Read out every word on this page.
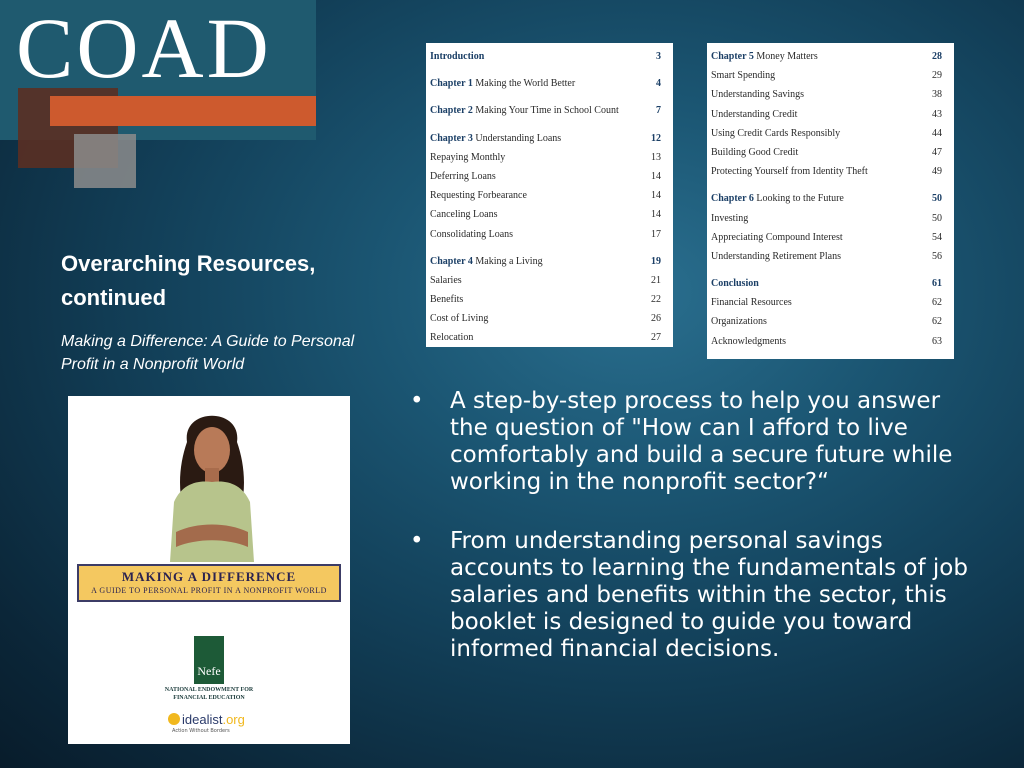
COAD
Overarching Resources, continued
Making a Difference: A Guide to Personal Profit in a Nonprofit World
MAKING A DIFFERENCE
A GUIDE TO PERSONAL PROFIT IN A NONPROFIT WORLD
Nefe
NATIONAL ENDOWMENT FOR FINANCIAL EDUCATION
idealist.org
Action Without Borders
Introduction	3
Chapter 1 Making the World Better	4
Chapter 2 Making Your Time in School Count	7
Chapter 3 Understanding Loans	12
Repaying Monthly	13
Deferring Loans	14
Requesting Forbearance	14
Canceling Loans	14
Consolidating Loans	17
Chapter 4 Making a Living	19
Salaries	21
Benefits	22
Cost of Living	26
Relocation	27
Chapter 5 Money Matters	28
Smart Spending	29
Understanding Savings	38
Understanding Credit	43
Using Credit Cards Responsibly	44
Building Good Credit	47
Protecting Yourself from Identity Theft	49
Chapter 6 Looking to the Future	50
Investing	50
Appreciating Compound Interest	54
Understanding Retirement Plans	56
Conclusion	61
Financial Resources	62
Organizations	62
Acknowledgments	63
• A step-by-step process to help you answer the question of "How can I afford to live comfortably and build a secure future while working in the nonprofit sector?“
• From understanding personal savings accounts to learning the fundamentals of job salaries and benefits within the sector, this booklet is designed to guide you toward informed financial decisions.
